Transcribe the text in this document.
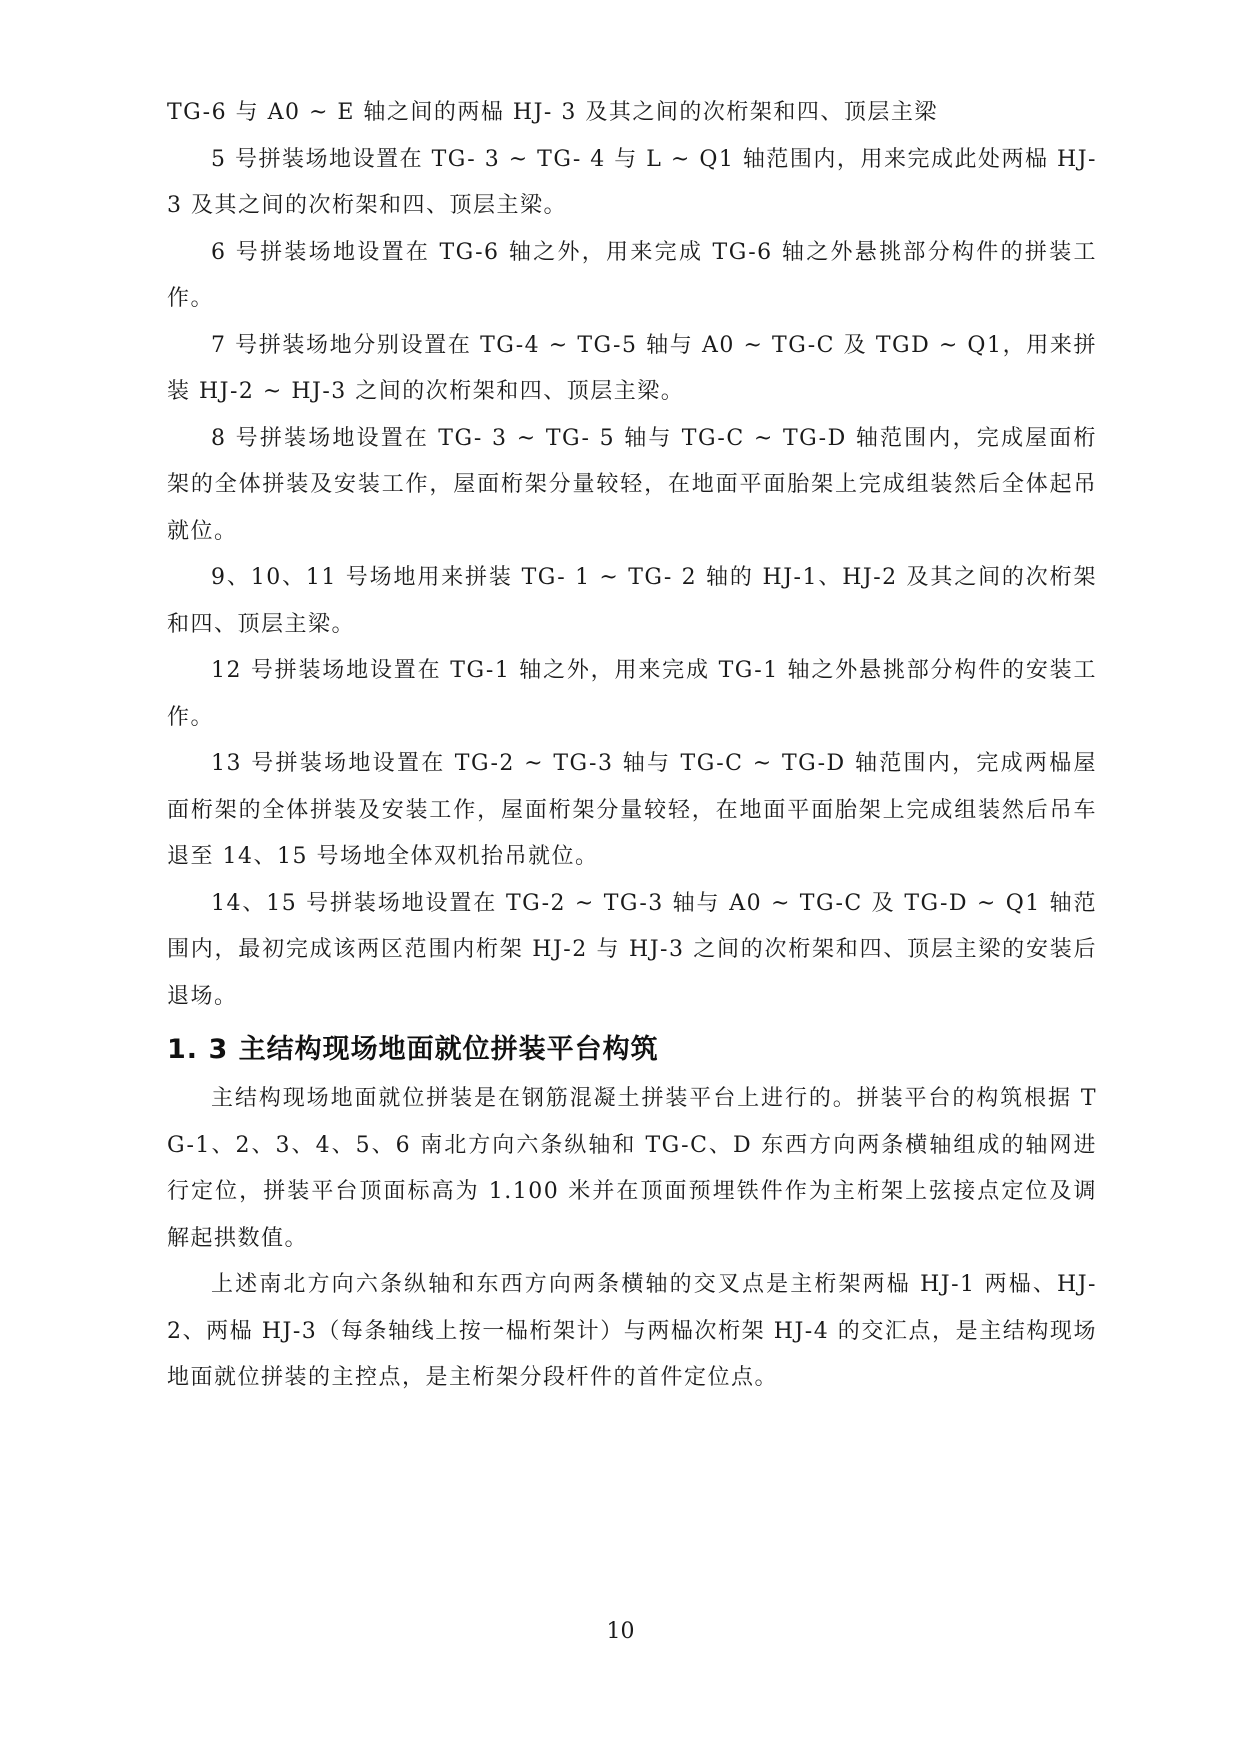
TG-6 与 A0 ~ E 轴之间的两榀 HJ- 3 及其之间的次桁架和四、顶层主梁

5 号拼装场地设置在 TG- 3 ~ TG- 4 与 L ~ Q1 轴范围内，用来完成此处两榀 HJ- 3 及其之间的次桁架和四、顶层主梁。

6 号拼装场地设置在 TG-6 轴之外，用来完成 TG-6 轴之外悬挑部分构件的拼装工作。

7 号拼装场地分别设置在 TG-4 ~ TG-5 轴与 A0 ~ TG-C 及 TGD ~ Q1，用来拼装 HJ-2 ~ HJ-3 之间的次桁架和四、顶层主梁。

8 号拼装场地设置在 TG- 3 ~ TG- 5 轴与 TG-C ~ TG-D 轴范围内，完成屋面桁架的全体拼装及安装工作，屋面桁架分量较轻，在地面平面胎架上完成组装然后全体起吊就位。

9、10、11 号场地用来拼装 TG- 1 ~ TG- 2 轴的 HJ-1、HJ-2 及其之间的次桁架和四、顶层主梁。

12 号拼装场地设置在 TG-1 轴之外，用来完成 TG-1 轴之外悬挑部分构件的安装工作。

13 号拼装场地设置在 TG-2 ~ TG-3 轴与 TG-C ~ TG-D 轴范围内，完成两榀屋面桁架的全体拼装及安装工作，屋面桁架分量较轻，在地面平面胎架上完成组装然后吊车退至 14、15 号场地全体双机抬吊就位。

14、15 号拼装场地设置在 TG-2 ~ TG-3 轴与 A0 ~ TG-C 及 TG-D ~ Q1 轴范围内，最初完成该两区范围内桁架 HJ-2 与 HJ-3 之间的次桁架和四、顶层主梁的安装后退场。

1. 3 主结构现场地面就位拼装平台构筑

主结构现场地面就位拼装是在钢筋混凝土拼装平台上进行的。拼装平台的构筑根据 TG-1、2、3、4、5、6 南北方向六条纵轴和 TG-C、D 东西方向两条横轴组成的轴网进行定位，拼装平台顶面标高为 1.100 米并在顶面预埋铁件作为主桁架上弦接点定位及调解起拱数值。

上述南北方向六条纵轴和东西方向两条横轴的交叉点是主桁架两榀 HJ-1 两榀、HJ-2、两榀 HJ-3（每条轴线上按一榀桁架计）与两榀次桁架 HJ-4 的交汇点，是主结构现场地面就位拼装的主控点，是主桁架分段杆件的首件定位点。

10
